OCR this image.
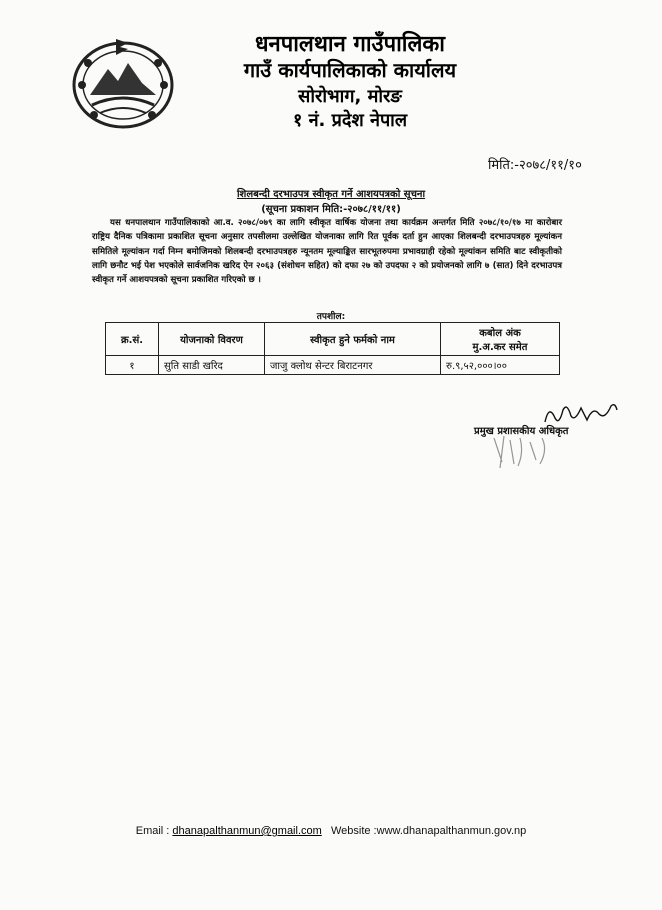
धनपालथान गाउँपालिका
गाउँ कार्यपालिकाको कार्यालय
सोरोभाग, मोरङ
१ नं. प्रदेश नेपाल
मिति:-२०७८/११/१०
शिलबन्दी दरभाउपत्र स्वीकृत गर्ने आशयपत्रको सूचना
(सूचना प्रकाशन मिति:-२०७८/११/११)
यस धनपालथान गाउँपालिकाको आ.व. २०७८/०७९ का लागि स्वीकृत वार्षिक योजना तथा कार्यक्रम अन्तर्गत मिति २०७८/१०/१७ मा कारोबार राष्ट्रिय दैनिक पत्रिकामा प्रकाशित सूचना अनुसार तपसीलमा उल्लेखित योजनाका लागि रित पूर्वक दर्ता हुन आएका शिलबन्दी दरभाउपत्रहरु मूल्यांकन समितिले मूल्यांकन गर्दा निम्न बमोजिमको शिलबन्दी दरभाउपत्रहरु न्यूनतम मूल्याङ्कित सारभूतरुपमा प्रभावग्राही रहेको मूल्यांकन समिति बाट स्वीकृतीको लागि छनौट भई पेश भएकोले सार्वजनिक खरिद ऐन २०६३ (संशोधन सहित) को दफा २७ को उपदफा २ को प्रयोजनको लागि ७ (सात) दिने दरभाउपत्र स्वीकृत गर्ने आशयपत्रको सूचना प्रकाशित गरिएको छ ।
तपशील:
क्र.सं.	योजनाको विवरण	स्वीकृत हुने फर्मको नाम	कबोल अंक
मु.अ.कर समेत

१	सुति साडी खरिद	जाजु क्लोथ सेन्टर बिराटनगर	रु.९,५२,०००।००
प्रमुख प्रशासकीय अधिकृत
Email : dhanapalthanmun@gmail.com Website :www.dhanapalthanmun.gov.np
